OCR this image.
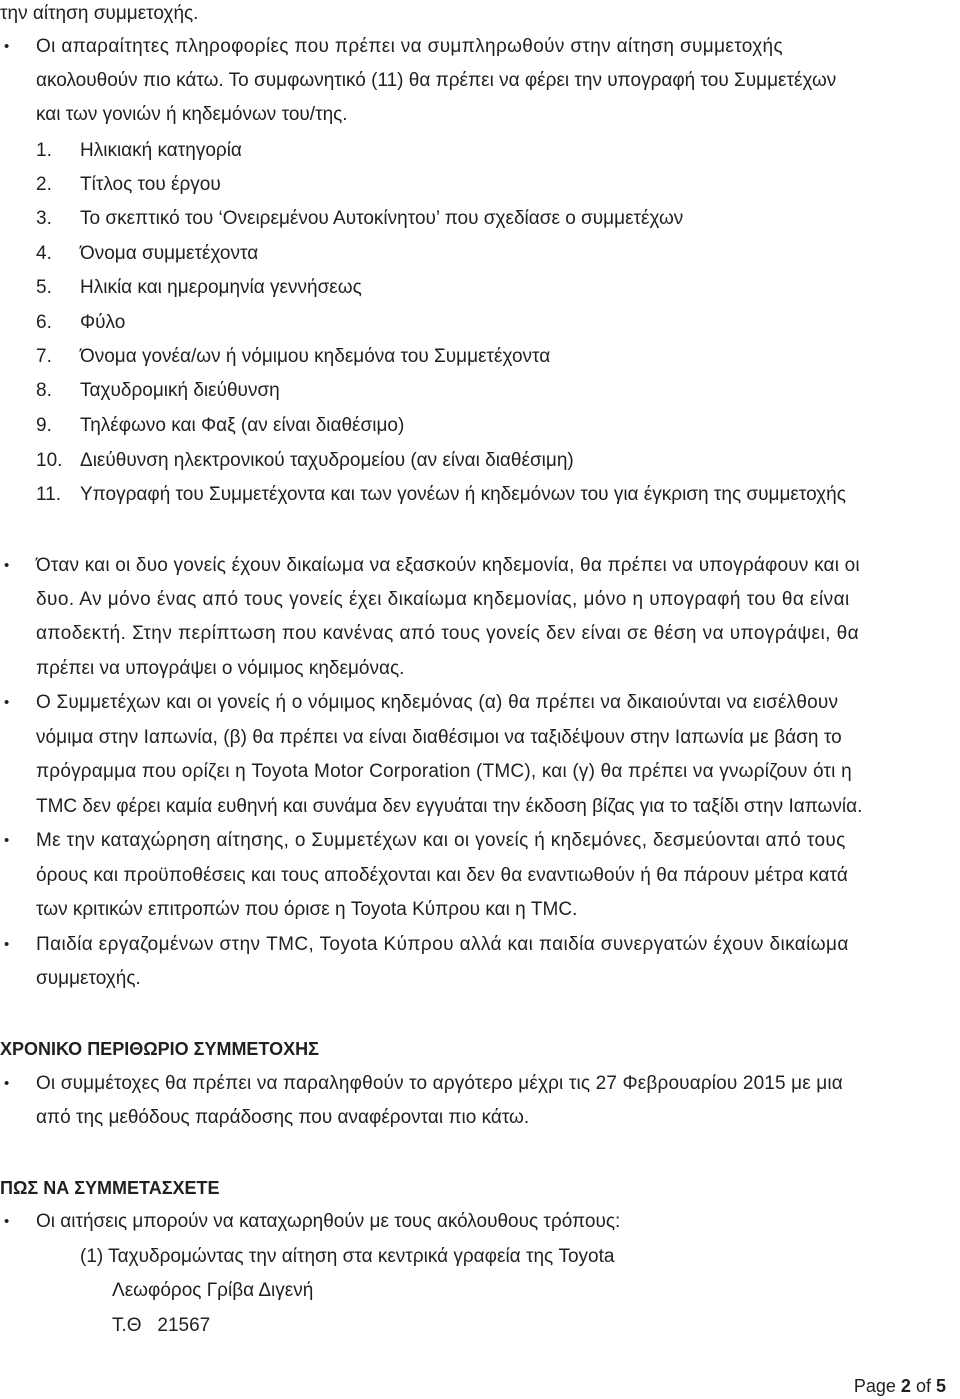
την αίτηση συμμετοχής.
•	Οι απαραίτητες πληροφορίες που πρέπει να συμπληρωθούν στην αίτηση συμμετοχής
ακολουθούν πιο κάτω. Το συμφωνητικό (11) θα πρέπει να φέρει την υπογραφή του Συμμετέχων
και των γονιών ή κηδεμόνων του/της.
1. Ηλικιακή κατηγορία
2. Τίτλος του έργου
3. Το σκεπτικό του ‘Ονειρεμένου Αυτοκίνητου’ που σχεδίασε ο συμμετέχων
4. Όνομα συμμετέχοντα
5. Ηλικία και ημερομηνία γεννήσεως
6. Φύλο
7. Όνομα γονέα/ων ή νόμιμου κηδεμόνα του Συμμετέχοντα
8. Ταχυδρομική διεύθυνση
9. Τηλέφωνο και Φαξ (αν είναι διαθέσιμο)
10. Διεύθυνση ηλεκτρονικού ταχυδρομείου (αν είναι διαθέσιμη)
11. Υπογραφή του Συμμετέχοντα και των γονέων ή κηδεμόνων του για έγκριση της συμμετοχής
•	Όταν και οι δυο γονείς έχουν δικαίωμα να εξασκούν κηδεμονία, θα πρέπει να υπογράφουν και οι
δυο. Αν μόνο ένας από τους γονείς έχει δικαίωμα κηδεμονίας, μόνο η υπογραφή του θα είναι
αποδεκτή. Στην περίπτωση που κανένας από τους γονείς δεν είναι σε θέση να υπογράψει, θα
πρέπει να υπογράψει ο νόμιμος κηδεμόνας.
•	Ο Συμμετέχων και οι γονείς ή ο νόμιμος κηδεμόνας (α) θα πρέπει να δικαιούνται να εισέλθουν
νόμιμα στην Ιαπωνία, (β) θα πρέπει να είναι διαθέσιμοι να ταξιδέψουν στην Ιαπωνία με βάση το
πρόγραμμα που ορίζει η Toyota Motor Corporation (TMC), και (γ) θα πρέπει να γνωρίζουν ότι η
TMC δεν φέρει καμία ευθηνή και συνάμα δεν εγγυάται την έκδοση βίζας για το ταξίδι στην Ιαπωνία.
•	Με την καταχώρηση αίτησης, ο Συμμετέχων και οι γονείς ή κηδεμόνες, δεσμεύονται από τους
όρους και προϋποθέσεις και τους αποδέχονται και δεν θα εναντιωθούν ή θα πάρουν μέτρα κατά
των κριτικών επιτροπών που όρισε η Toyota Κύπρου και η TMC.
•	Παιδία εργαζομένων στην TMC, Toyota Κύπρου αλλά και παιδία συνεργατών έχουν δικαίωμα
συμμετοχής.
ΧΡΟΝΙΚΟ ΠΕΡΙΘΩΡΙΟ ΣΥΜΜΕΤΟΧΗΣ
•	Οι συμμέτοχες θα πρέπει να παραληφθούν το αργότερο μέχρι τις 27 Φεβρουαρίου 2015 με μια
από της μεθόδους παράδοσης που αναφέρονται πιο κάτω.
ΠΩΣ ΝΑ ΣΥΜΜΕΤΑΣΧΕΤΕ
•	Οι αιτήσεις μπορούν να καταχωρηθούν με τους ακόλουθους τρόπους:
(1) Ταχυδρομώντας την αίτηση στα κεντρικά γραφεία της Toyota
Λεωφόρος Γρίβα Διγενή
Τ.Θ   21567
Page 2 of 5
